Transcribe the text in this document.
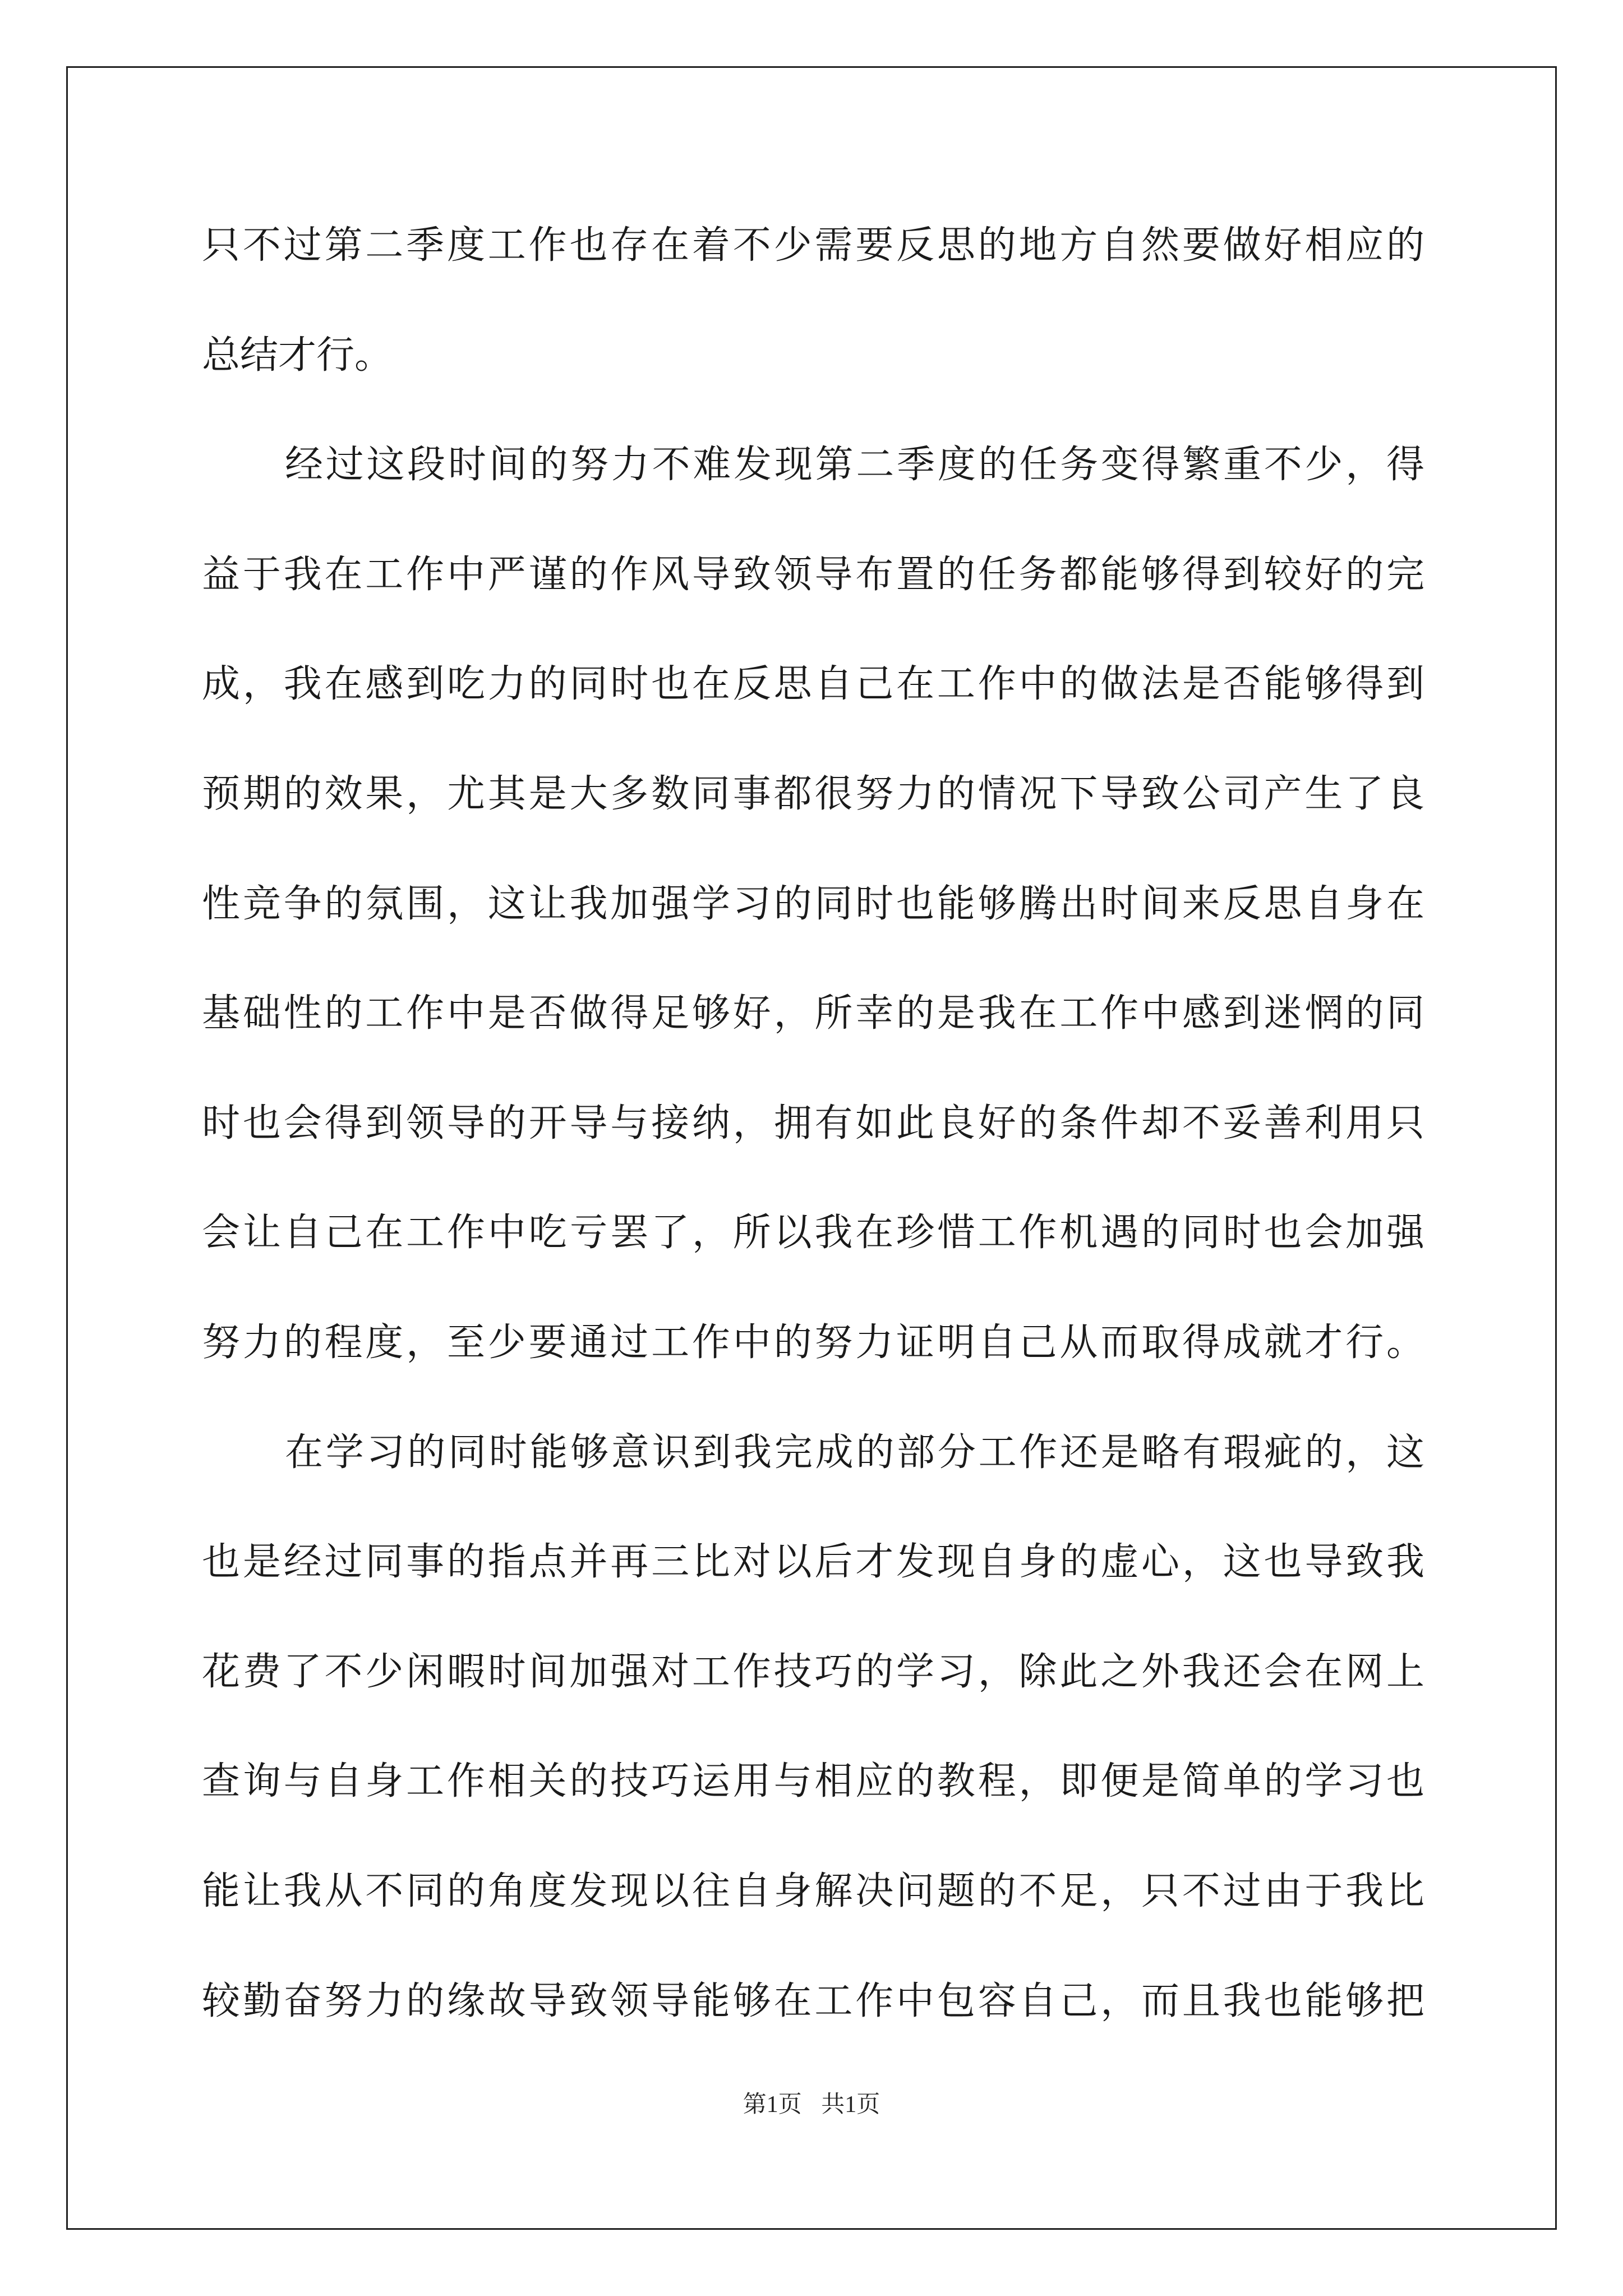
只不过第二季度工作也存在着不少需要反思的地方自然要做好相应的
总结才行。
经过这段时间的努力不难发现第二季度的任务变得繁重不少，得
益于我在工作中严谨的作风导致领导布置的任务都能够得到较好的完
成，我在感到吃力的同时也在反思自己在工作中的做法是否能够得到
预期的效果，尤其是大多数同事都很努力的情况下导致公司产生了良
性竞争的氛围，这让我加强学习的同时也能够腾出时间来反思自身在
基础性的工作中是否做得足够好，所幸的是我在工作中感到迷惘的同
时也会得到领导的开导与接纳，拥有如此良好的条件却不妥善利用只
会让自己在工作中吃亏罢了，所以我在珍惜工作机遇的同时也会加强
努力的程度，至少要通过工作中的努力证明自己从而取得成就才行。
在学习的同时能够意识到我完成的部分工作还是略有瑕疵的，这
也是经过同事的指点并再三比对以后才发现自身的虚心，这也导致我
花费了不少闲暇时间加强对工作技巧的学习，除此之外我还会在网上
查询与自身工作相关的技巧运用与相应的教程，即便是简单的学习也
能让我从不同的角度发现以往自身解决问题的不足，只不过由于我比
较勤奋努力的缘故导致领导能够在工作中包容自己，而且我也能够把
第1页 共1页
